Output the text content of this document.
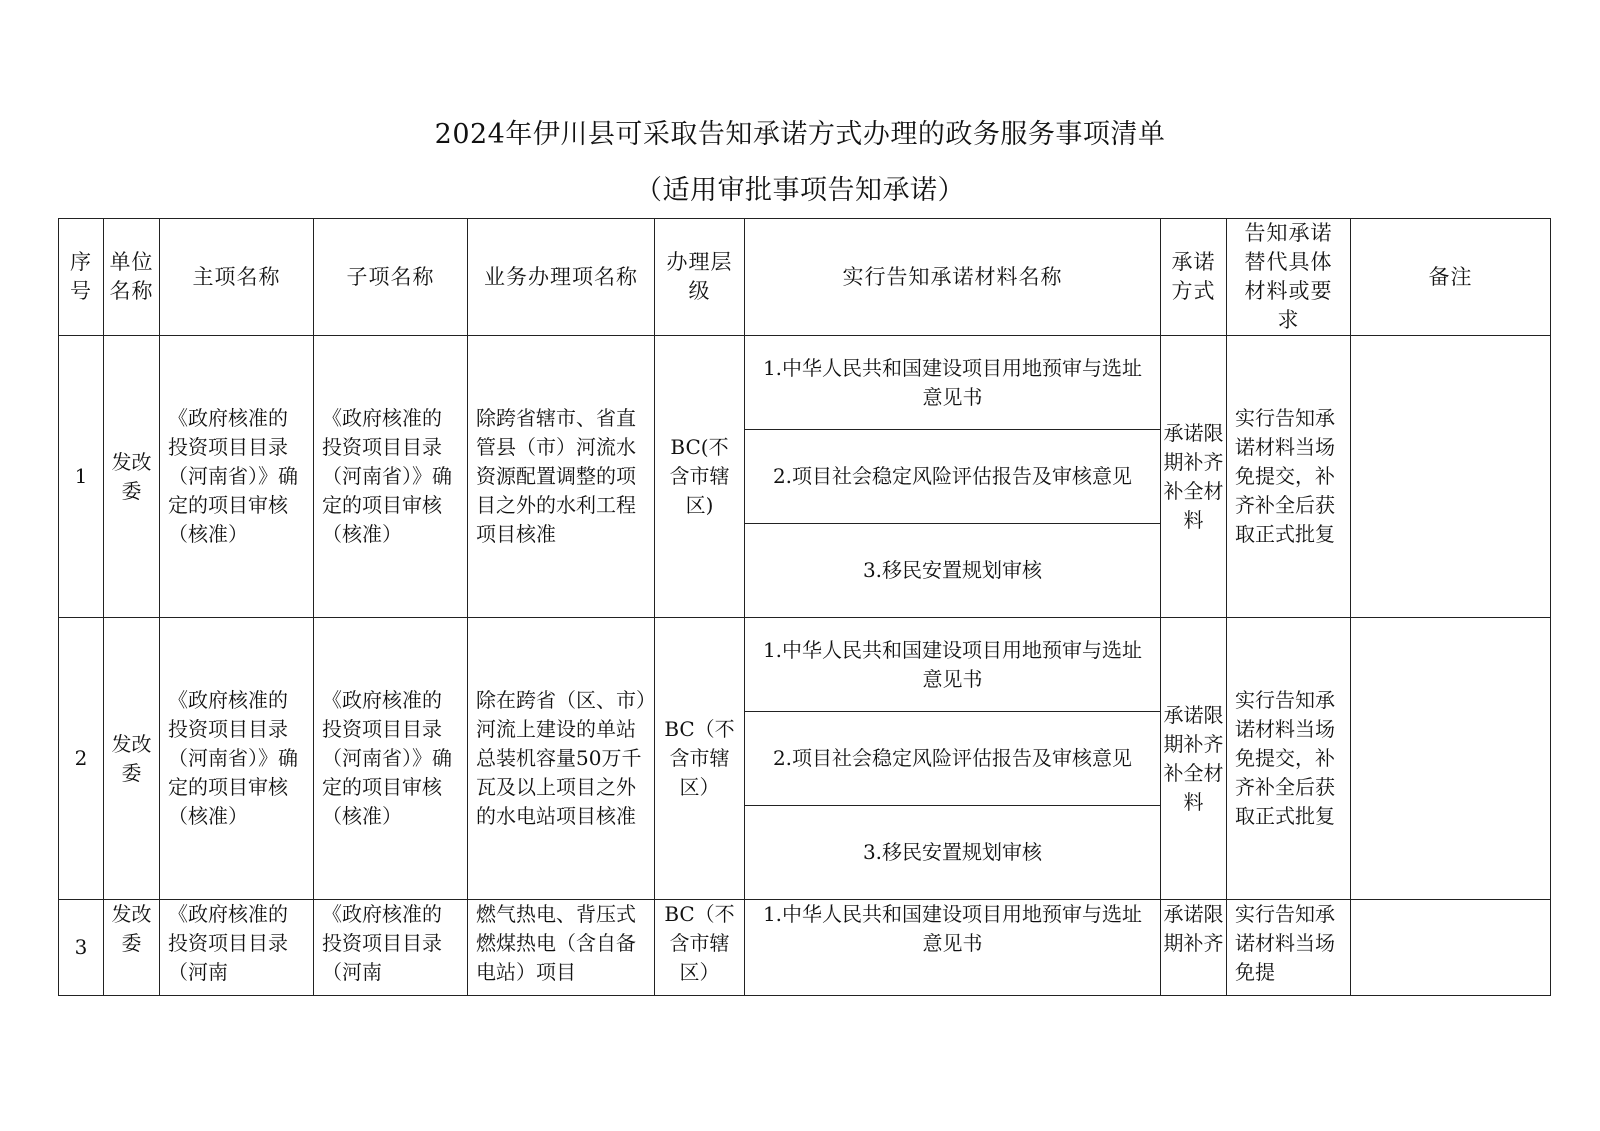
2024年伊川县可采取告知承诺方式办理的政务服务事项清单
（适用审批事项告知承诺）
序号	单位名称	主项名称	子项名称	业务办理项名称	办理层级	实行告知承诺材料名称	承诺方式	告知承诺替代具体材料或要求	备注
1	发改委	《政府核准的投资项目目录（河南省）》确定的项目审核（核准）	《政府核准的投资项目目录（河南省）》确定的项目审核（核准）	除跨省辖市、省直管县（市）河流水资源配置调整的项目之外的水利工程项目核准	BC(不含市辖区)	1.中华人民共和国建设项目用地预审与选址意见书	承诺限期补齐补全材料	实行告知承诺材料当场免提交，补齐补全后获取正式批复	
						2.项目社会稳定风险评估报告及审核意见			
						3.移民安置规划审核			
2	发改委	《政府核准的投资项目目录（河南省）》确定的项目审核（核准）	《政府核准的投资项目目录（河南省）》确定的项目审核（核准）	除在跨省（区、市）河流上建设的单站总装机容量50万千瓦及以上项目之外的水电站项目核准	BC（不含市辖区）	1.中华人民共和国建设项目用地预审与选址意见书	承诺限期补齐补全材料	实行告知承诺材料当场免提交，补齐补全后获取正式批复	
						2.项目社会稳定风险评估报告及审核意见			
						3.移民安置规划审核			
3	发改委	《政府核准的投资项目目录（河南	《政府核准的投资项目目录（河南	燃气热电、背压式燃煤热电（含自备电站）项目	BC（不含市辖区）	1.中华人民共和国建设项目用地预审与选址意见书	承诺限期补齐	实行告知承诺材料当场免提	
